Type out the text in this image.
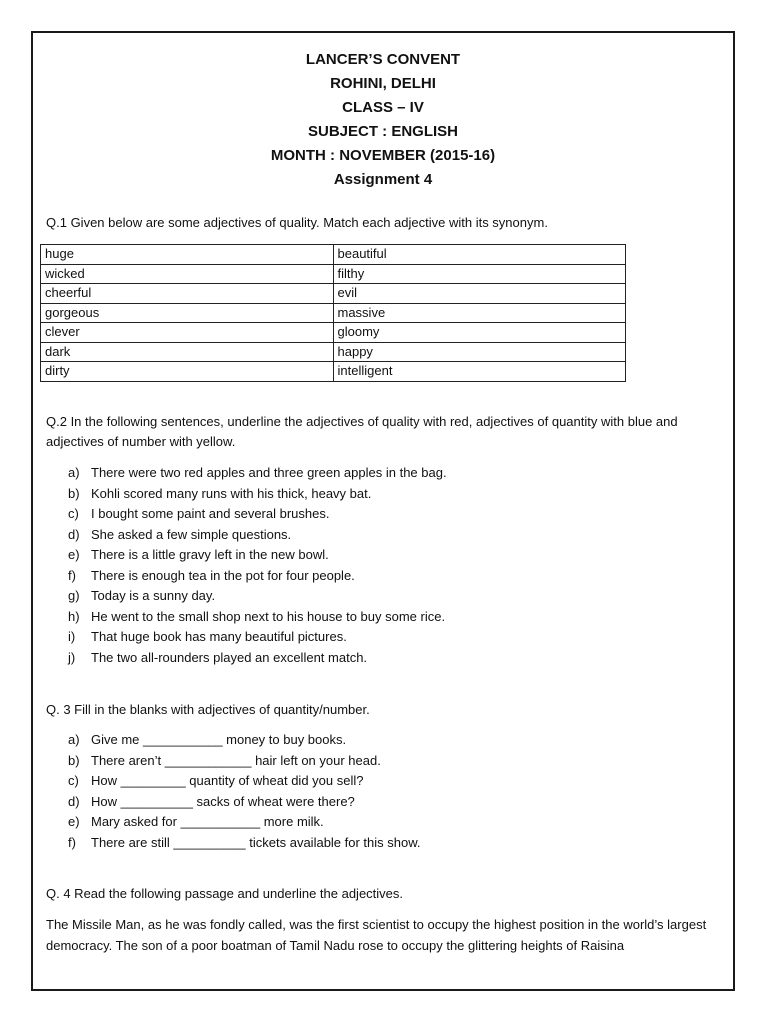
LANCER’S CONVENT
ROHINI, DELHI
CLASS – IV
SUBJECT : ENGLISH
MONTH : NOVEMBER (2015-16)
Assignment 4
Q.1 Given below are some adjectives of quality. Match each adjective with its synonym.
huge	beautiful
wicked	filthy
cheerful	evil
gorgeous	massive
clever	gloomy
dark	happy
dirty	intelligent
Q.2 In the following sentences, underline the adjectives of quality with red, adjectives of quantity with blue and adjectives of number with yellow.
a) There were two red apples and three green apples in the bag.
b) Kohli scored many runs with his thick, heavy bat.
c) I bought some paint and several brushes.
d) She asked a few simple questions.
e) There is a little gravy left in the new bowl.
f) There is enough tea in the pot for four people.
g) Today is a sunny day.
h) He went to the small shop next to his house to buy some rice.
i) That huge book has many beautiful pictures.
j) The two all-rounders played an excellent match.
Q. 3 Fill in the blanks with adjectives of quantity/number.
a) Give me ___________ money to buy books.
b) There aren’t ____________ hair left on your head.
c) How _________ quantity of wheat did you sell?
d) How __________ sacks of wheat were there?
e) Mary asked for ___________ more milk.
f) There are still __________ tickets available for this show.
Q. 4 Read the following passage and underline the adjectives.
The Missile Man, as he was fondly called, was the first scientist to occupy the highest position in the world’s largest democracy. The son of a poor boatman of Tamil Nadu rose to occupy the glittering heights of Raisina
